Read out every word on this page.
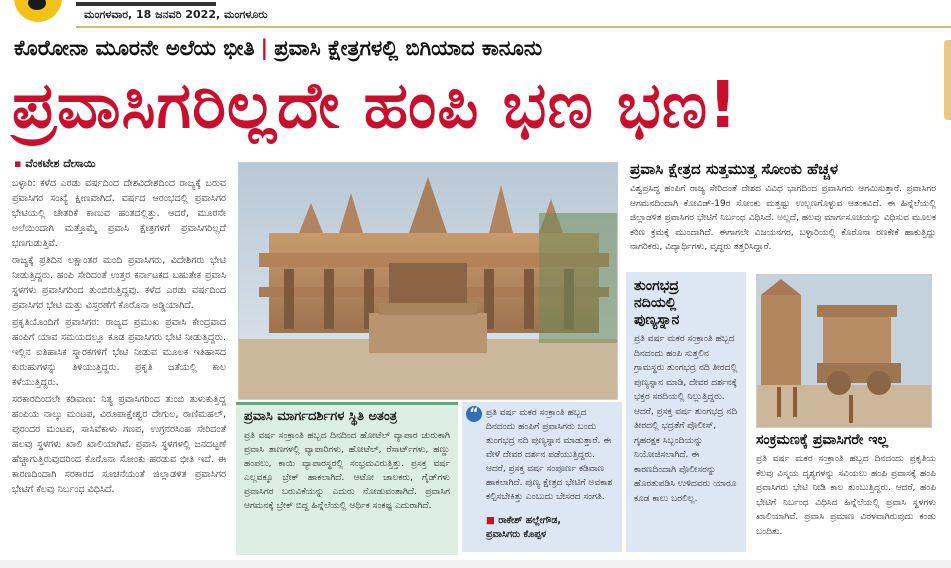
ಮಂಗಳವಾರ, 18 ಜನವರಿ 2022, ಮಂಗಳೂರು
ಕೊರೋನಾ ಮೂರನೇ ಅಲೆಯ ಭೀತಿ | ಪ್ರವಾಸಿ ಕ್ಷೇತ್ರಗಳಲ್ಲಿ ಬಿಗಿಯಾದ ಕಾನೂನು
ಪ್ರವಾಸಿಗರಿಲ್ಲದೇ ಹಂಪಿ ಭಣ ಭಣ!
▪ ವೆಂಕಟೇಶ ದೇಸಾಯಿ

ಬಳ್ಳಾರಿ: ಕಳೆದ ಎರಡು ವರ್ಷದಿಂದ ದೇಶವಿದೇಶದಿಂದ ರಾಜ್ಯಕ್ಕೆ ಬರುವ ಪ್ರವಾಸಿಗರ ಸಂಖ್ಯೆ ಕ್ಷೀಣವಾಗಿದೆ. ವರ್ಷದ ಆರಂಭದಲ್ಲಿ ಪ್ರವಾಸಿಗರ ಭೇಟಿಯಲ್ಲಿ ಚೇತರಿಕೆ ಕಾಣುವ ಹಂತದಲ್ಲಿತ್ತು. ಆದರೆ, ಮೂರನೇ ಅಲೆಯಿಂದಾಗಿ ಮತ್ತೊಮ್ಮೆ ಪ್ರವಾಸಿ ಕ್ಷೇತ್ರಗಳಿಗೆ ಪ್ರವಾಸಿಗರಿಲ್ಲದೆ ಭಣಗುಡುತ್ತಿವೆ.

ರಾಜ್ಯಕ್ಕೆ ಪ್ರತಿದಿನ ಲಕ್ಷಾಂತರ ಮಂದಿ ಪ್ರವಾಸಿಗರು, ವಿದೇಶಿಗರು ಭೇಟಿ ನೀಡುತ್ತಿದ್ದರು. ಹಂಪಿ ಸೇರಿದಂತೆ ಉತ್ತರ ಕರ್ನಾಟಕದ ಬಹುತೇಕ ಪ್ರವಾಸಿ ಸ್ಥಳಗಳು ಪ್ರವಾಸಿಗರಿಂದ ತುಂಬಿರುತ್ತಿದ್ದವು. ಕಳೆದ ಎರಡು ವರ್ಷದಿಂದ ಪ್ರವಾಸಿಗರ ಭೇಟಿ ಮತ್ತು ವಿಸ್ತರಣೆಗೆ ಕೊರೊನಾ ಅಡ್ಡಿಯಾಗಿದೆ.

ಪ್ರಕೃತಿಯೊಂದಿಗೆ ಪ್ರವಾಸಿಗರ: ರಾಜ್ಯದ ಪ್ರಮುಖ ಪ್ರವಾಸಿ ಕೇಂದ್ರವಾದ ಹಂಪಿಗೆ ಯಾವ ಸಮಯದಲ್ಲೂ ಕೂಡ ಪ್ರವಾಸಿಗರು ಭೇಟಿ ನೀಡುತ್ತಿದ್ದರು. ಇಲ್ಲಿನ ಐತಿಹಾಸಿಕ ಸ್ಮಾರಕಗಳಿಗೆ ಭೇಟಿ ನೀಡುವ ಮೂಲಕ ಇತಿಹಾಸದ ಕುರುಹುಗಳನ್ನು ತಿಳಿಯುತ್ತಿದ್ದರು. ಪ್ರಕೃತಿ ಜತೆಯಲ್ಲಿ ಕಾಲ ಕಳೆಯುತ್ತಿದ್ದರು.

ಸರಕಾರದಿಂದಲೇ ಕಡಿವಾಣ: ನಿತ್ಯ ಪ್ರವಾಸಿಗರಿಂದ ತುಂಬಿ ತುಳುಕುತ್ತಿದ್ದ ಹಂಪಿಯ ನಾಲ್ಕು ಮಂಟಪ, ವಿರೂಪಾಕ್ಷೇಶ್ವರ ದೇಗುಲ, ರಾಣಿಮಹಲ್, ಪುರಂದರ ಮಂಟಪ, ಸಾಸಿವೆಕಾಳು ಗಣಪ, ಉಗ್ರನರಸಿಂಹ ಸೇರಿದಂತೆ ಹಲವು ಸ್ಥಳಗಳು ಖಾಲಿ ಖಾಲಿಯಾಗಿವೆ. ಪ್ರವಾಸಿ ಸ್ಥಳಗಳಲ್ಲಿ ಜನದಟ್ಟಣೆ ಹೆಚ್ಚಾಗುತ್ತಿರುವುದರಿಂದ ಕೊರೊನಾ ಸೋಂಕು ಹರಡುವ ಭೀತಿ ಇದೆ. ಈ ಕಾರಣದಿಂದಾಗಿ ಸರಕಾರದ ಸೂಚನೆಯಂತೆ ಜಿಲ್ಲಾಡಳಿತ ಪ್ರವಾಸಿಗರ ಭೇಟಿಗೆ ಕೆಲವು ನಿರ್ಬಂಧ ವಿಧಿಸಿದೆ.

ಪ್ರವಾಸಿ ಮಾರ್ಗದರ್ಶಿಗಳ ಸ್ಥಿತಿ ಅತಂತ್ರ
ಪ್ರತಿ ವರ್ಷ ಸಂಕ್ರಾಂತಿ ಹಬ್ಬದ ದಿನದಿಂದ ಹೋಟೆಲ್ ವ್ಯಾಪಾರ ಚುರುಕಾಗಿ ಪ್ರವಾಸಿ ತಾಣಗಳಲ್ಲಿ ವ್ಯಾಪಾರಿಗಳು, ಹೋಟೆಲ್, ರೆಸಾರ್ಟ್‌ಗಳು, ಹಣ್ಣು ಹಂಪಲು, ಕಾಯಿ ವ್ಯಾಪಾರಸ್ಥರಲ್ಲಿ ಸಂಭ್ರಮವಿರುತ್ತಿತ್ತು. ಪ್ರಸಕ್ತ ವರ್ಷ ಎಲ್ಲವಕ್ಕೂ ಬ್ರೇಕ್ ಹಾಕಲಾಗಿದೆ. ಆಟೋ ಚಾಲಕರು, ಗೈಡ್‌ಗಳು ಪ್ರವಾಸಿಗರ ಬರುವಿಕೆಯನ್ನು ಎದುರು ನೋಡುವಂತಾಗಿದೆ. ಪ್ರವಾಸಿಗ ಆಗಮನಕ್ಕೆ ಬ್ರೇಕ್ ಬಿದ್ದ ಹಿನ್ನೆಲೆಯಲ್ಲಿ ಆರ್ಥಿಕ ಸಂಕಷ್ಟ ಎದುರಾಗಿದೆ.
“ ಪ್ರತಿ ವರ್ಷ ಮಕರ ಸಂಕ್ರಾಂತಿ ಹಬ್ಬದ ದಿನದಂದು ಹಂಪಿಗೆ ಪ್ರವಾಸಿಗರು ಬಂದು ತುಂಗಭದ್ರ ನದಿ ಪುಣ್ಯಸ್ನಾನ ಮಾಡುತ್ತಾರೆ. ಈ ವೇಳೆ ದೇವರ ದರ್ಶನ ಪಡೆಯುತ್ತಿದ್ದರು. ಆದರೆ, ಪ್ರಸಕ್ತ ವರ್ಷ ಸಂಪೂರ್ಣ ಕಡಿವಾಣ ಹಾಕಲಾಗಿದೆ. ಪುಣ್ಯ ಕ್ಷೇತ್ರದ ಭೇಟಿಗೆ ಅವಕಾಶ ಕಲ್ಪಿಸಬೇಕಿತ್ತು ಎಂಬುದು ಬೇಸರದ ಸಂಗತಿ.
■ ರಾಕೇಶ್ ಹಲ್ಲೇಗೌಡ,
ಪ್ರವಾಸಿಗರು ಕೊಪ್ಪಳ
ಪ್ರವಾಸಿ ಕ್ಷೇತ್ರದ ಸುತ್ತಮುತ್ತ ಸೋಂಕು ಹೆಚ್ಚಳ
ವಿಶ್ವಪ್ರಸಿದ್ಧ ಹಂಪಿಗೆ ರಾಜ್ಯ ಸೇರಿದಂತೆ ದೇಶದ ವಿವಿಧ ಭಾಗದಿಂದ ಪ್ರವಾಸಿಗರು ಆಗಮಿಸುತ್ತಾರೆ. ಪ್ರವಾಸಿಗರ ಆಗಮನದಿಂದಾಗಿ ಕೋವಿಡ್-19ರ ಸೋಂಕು ಮತ್ತಷ್ಟು ಉಲ್ಬಣಗೊಳ್ಳುವ ಆತಂಕವಿದೆ. ಈ ಹಿನ್ನೆಲೆಯಲ್ಲಿ ಜಿಲ್ಲಾಡಳಿತ ಪ್ರವಾಸಿಗರ ಭೇಟಿಗೆ ನಿರ್ಬಂಧ ವಿಧಿಸಿದೆ. ಅಲ್ಲದೆ, ಹಲವು ಮಾರ್ಗಸೂಚಿಯನ್ನು ವಿಧಿಸುವ ಮೂಲಕ ಕಠಿಣ ಕ್ರಮಕ್ಕೆ ಮುಂದಾಗಿದೆ. ಈಗಾಗಲೇ ವಿಜಯನಗರ, ಬಳ್ಳಾರಿಯಲ್ಲಿ ಕೊರೊನಾ ರಣಕೇಕೆ ಹಾಕುತ್ತಿದ್ದು ನಾಗರಿಕರು, ವಿದ್ಯಾರ್ಥಿಗಳು, ವೃದ್ಧರು ತತ್ತರಿಸಿದ್ದಾರೆ.
ತುಂಗಭದ್ರ
ನದಿಯಲ್ಲಿ
ಪುಣ್ಯಸ್ನಾನ
ಪ್ರತಿ ವರ್ಷ ಮಕರ ಸಂಕ್ರಾಂತಿ ಹಬ್ಬದ ದಿನದಂದು ಹಂಪಿ ಸುತ್ತಲಿನ ಗ್ರಾಮಸ್ಥರು ತುಂಗಭದ್ರ ನದಿ ತೀರದಲ್ಲಿ ಪುಣ್ಯಸ್ನಾನ ಮಾಡಿ, ದೇವರ ದರ್ಶನಕ್ಕೆ ಭಕ್ತರ ಸರದಿಯಲ್ಲಿ ನಿಲ್ಲುತ್ತಿದ್ದರು. ಆದರೆ, ಪ್ರಸಕ್ತ ವರ್ಷ ತುಂಗಭದ್ರ ನದಿ ತೀರದಲ್ಲಿ ಭದ್ರತೆಗೆ ಪೊಲೀಸ್, ಗೃಹರಕ್ಷಕ ಸಿಬ್ಬಂದಿಯನ್ನು ನಿಯೋಜಿಸಲಾಗಿದೆ. ಈ ಕಾರಣದಿಂದಾಗಿ ಪೊಲೀಸರನ್ನು ಹೊರತುಪಡಿಸಿ ಉಳಿದವರು ಯಾರೂ ಕೂಡ ಕಾಲು ಬರಲಿಲ್ಲ.
ಸಂಕ್ರಮಣಕ್ಕೆ ಪ್ರವಾಸಿಗರೇ ಇಲ್ಲ
ಪ್ರತಿ ವರ್ಷ ಮಕರ ಸಂಕ್ರಾಂತಿ ಹಬ್ಬದ ದಿನದಂದು ಪ್ರಕೃತಿಯ ಕೆಲವು ವಿಸ್ಮಯ ದೃಶ್ಯಗಳನ್ನು ಸವಿಯಲು ಹಂಪಿ ಪ್ರವಾಸಕ್ಕೆ ಹಂಪಿ ಪ್ರವಾಸಿಗರು ಭೇಟಿ ನೀಡಿ ಕಾಲ ತುಂಬುತ್ತಿದ್ದರು. ಆದರೆ, ಹಂಪಿ ಭೇಟಿಗೆ ನಿರ್ಬಂಧ ವಿಧಿಸಿದ ಹಿನ್ನೆಲೆಯಲ್ಲಿ ಪ್ರವಾಸಿ ಸ್ಥಳಗಳು ಖಾಲಿಯಾಗಿವೆ. ಪ್ರವಾಸಿ ಪ್ರಮಾಣ ವಿರಳವಾಗಿರುವುದು ಕಂಡು ಬಂದಿತು.
